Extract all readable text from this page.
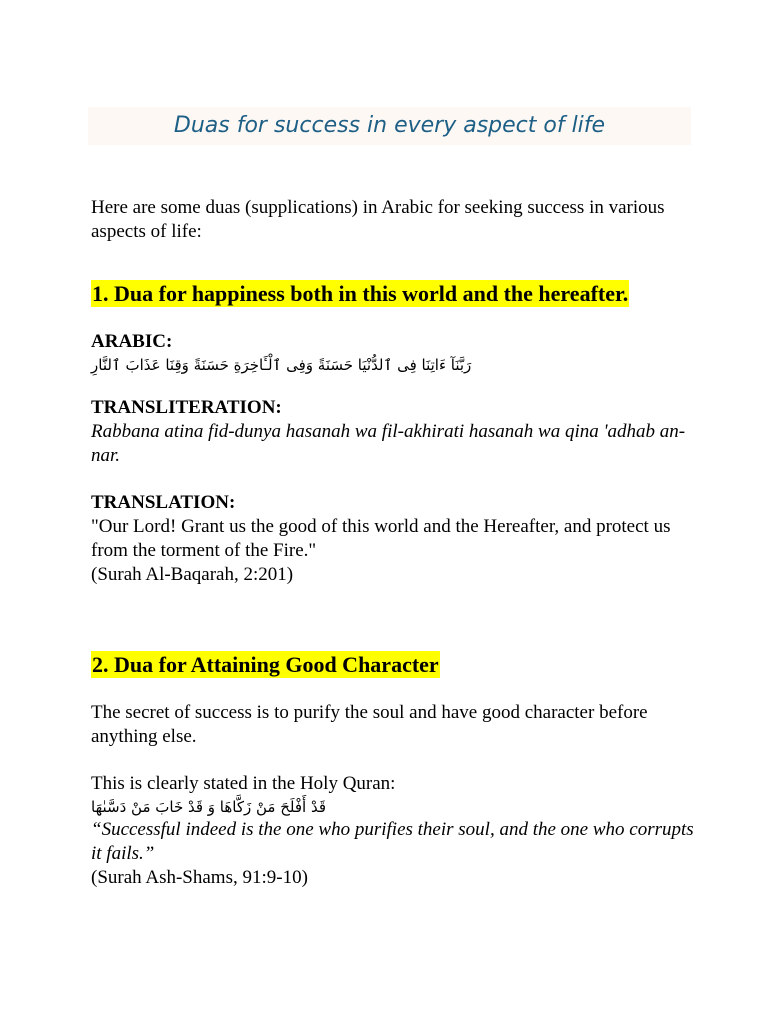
Duas for success in every aspect of life

Here are some duas (supplications) in Arabic for seeking success in various aspects of life:

1. Dua for happiness both in this world and the hereafter.

ARABIC:

رَبَّنَآ ءَاتِنَا فِى ٱلدُّنْيَا حَسَنَةً وَفِى ٱلْـَٔاخِرَةِ حَسَنَةً وَقِنَا عَذَابَ ٱلنَّارِ

TRANSLITERATION:

Rabbana atina fid-dunya hasanah wa fil-akhirati hasanah wa qina 'adhab an-nar.

TRANSLATION:

"Our Lord! Grant us the good of this world and the Hereafter, and protect us from the torment of the Fire."

(Surah Al-Baqarah, 2:201)

2. Dua for Attaining Good Character

The secret of success is to purify the soul and have good character before anything else.

This is clearly stated in the Holy Quran:

قَدْ أَفْلَحَ مَنْ زَكَّاهَا وَ قَدْ خَابَ مَنْ دَسَّىٰهَا

“Successful indeed is the one who purifies their soul, and the one who corrupts it fails.”

(Surah Ash-Shams, 91:9-10)
